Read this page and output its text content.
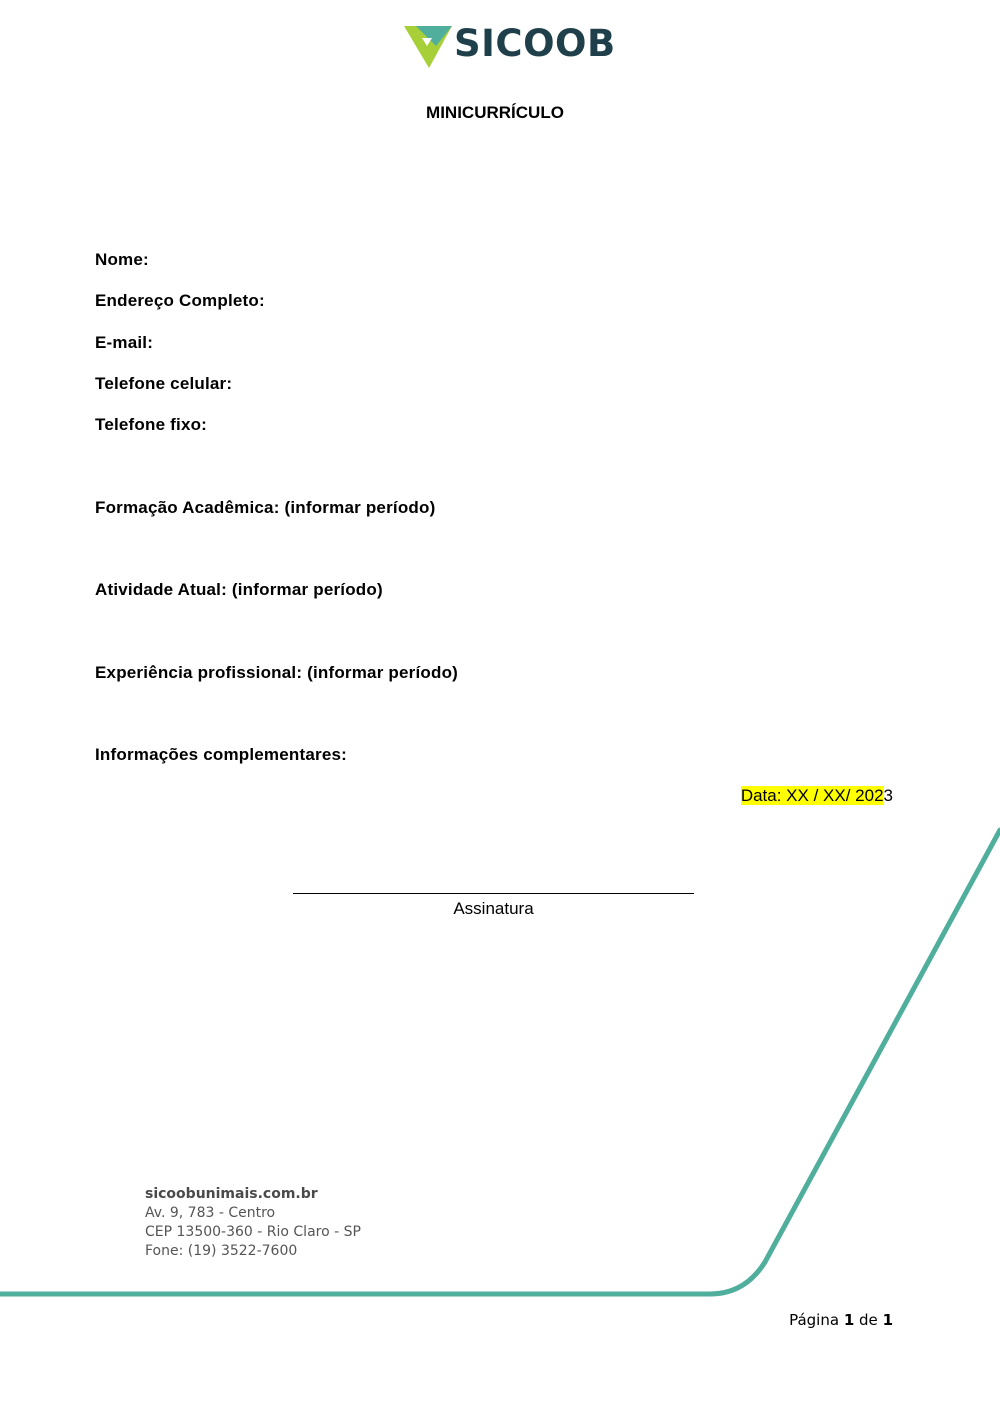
SICOOB
MINICURRÍCULO
Nome:
Endereço Completo:
E-mail:
Telefone celular:
Telefone fixo:
Formação Acadêmica: (informar período)
Atividade Atual: (informar período)
Experiência profissional: (informar período)
Informações complementares:
Data: XX / XX/ 2023
Assinatura
sicoobunimais.com.br
Av. 9, 783 - Centro
CEP 13500-360 - Rio Claro - SP
Fone: (19) 3522-7600
Página 1 de 1
